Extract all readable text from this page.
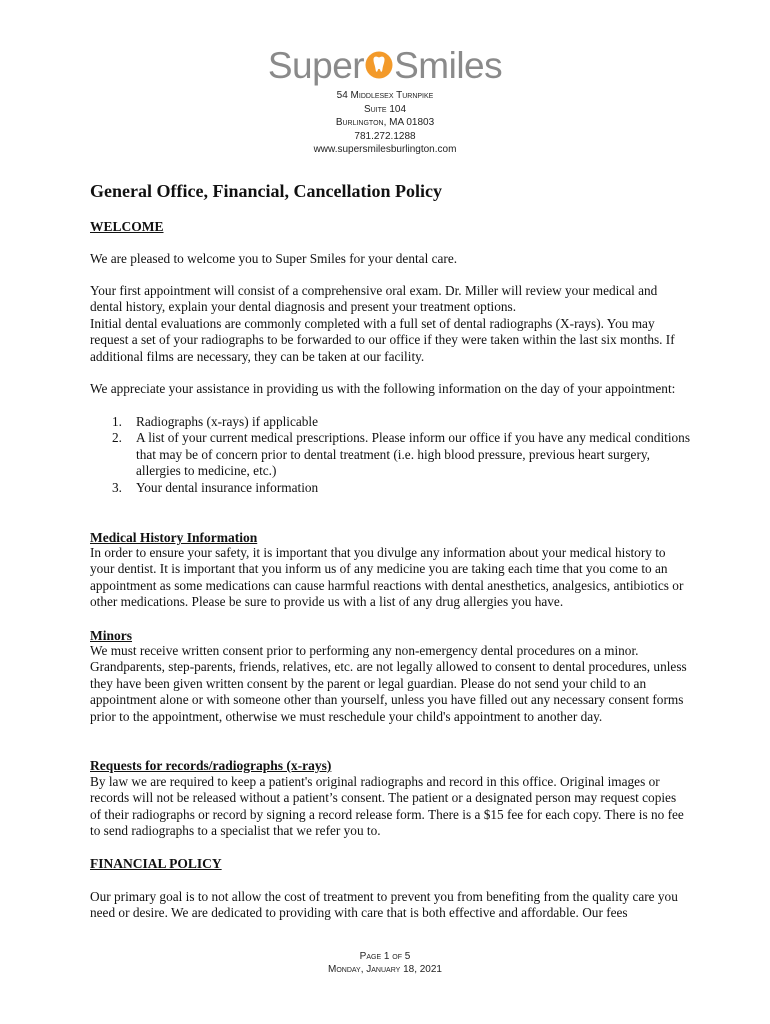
Super Smiles
54 Middlesex Turnpike
Suite 104
Burlington, MA 01803
781.272.1288
www.supersmilesburlington.com
General Office, Financial, Cancellation Policy
WELCOME

We are pleased to welcome you to Super Smiles for your dental care.

Your first appointment will consist of a comprehensive oral exam. Dr. Miller will review your medical and dental history, explain your dental diagnosis and present your treatment options.

Initial dental evaluations are commonly completed with a full set of dental radiographs (X-rays). You may request a set of your radiographs to be forwarded to our office if they were taken within the last six months. If additional films are necessary, they can be taken at our facility.

We appreciate your assistance in providing us with the following information on the day of your appointment:

1. Radiographs (x-rays) if applicable
2. A list of your current medical prescriptions. Please inform our office if you have any medical conditions that may be of concern prior to dental treatment (i.e. high blood pressure, previous heart surgery, allergies to medicine, etc.)
3. Your dental insurance information
Medical History Information

In order to ensure your safety, it is important that you divulge any information about your medical history to your dentist. It is important that you inform us of any medicine you are taking each time that you come to an appointment as some medications can cause harmful reactions with dental anesthetics, analgesics, antibiotics or other medications. Please be sure to provide us with a list of any drug allergies you have.

Minors

We must receive written consent prior to performing any non-emergency dental procedures on a minor. Grandparents, step-parents, friends, relatives, etc. are not legally allowed to consent to dental procedures, unless they have been given written consent by the parent or legal guardian. Please do not send your child to an appointment alone or with someone other than yourself, unless you have filled out any necessary consent forms prior to the appointment, otherwise we must reschedule your child's appointment to another day.

Requests for records/radiographs (x-rays)

By law we are required to keep a patient's original radiographs and record in this office. Original images or records will not be released without a patient’s consent. The patient or a designated person may request copies of their radiographs or record by signing a record release form. There is a $15 fee for each copy. There is no fee to send radiographs to a specialist that we refer you to.

FINANCIAL POLICY

Our primary goal is to not allow the cost of treatment to prevent you from benefiting from the quality care you need or desire. We are dedicated to providing with care that is both effective and affordable. Our fees

Page 1 of 5
Monday, January 18, 2021
